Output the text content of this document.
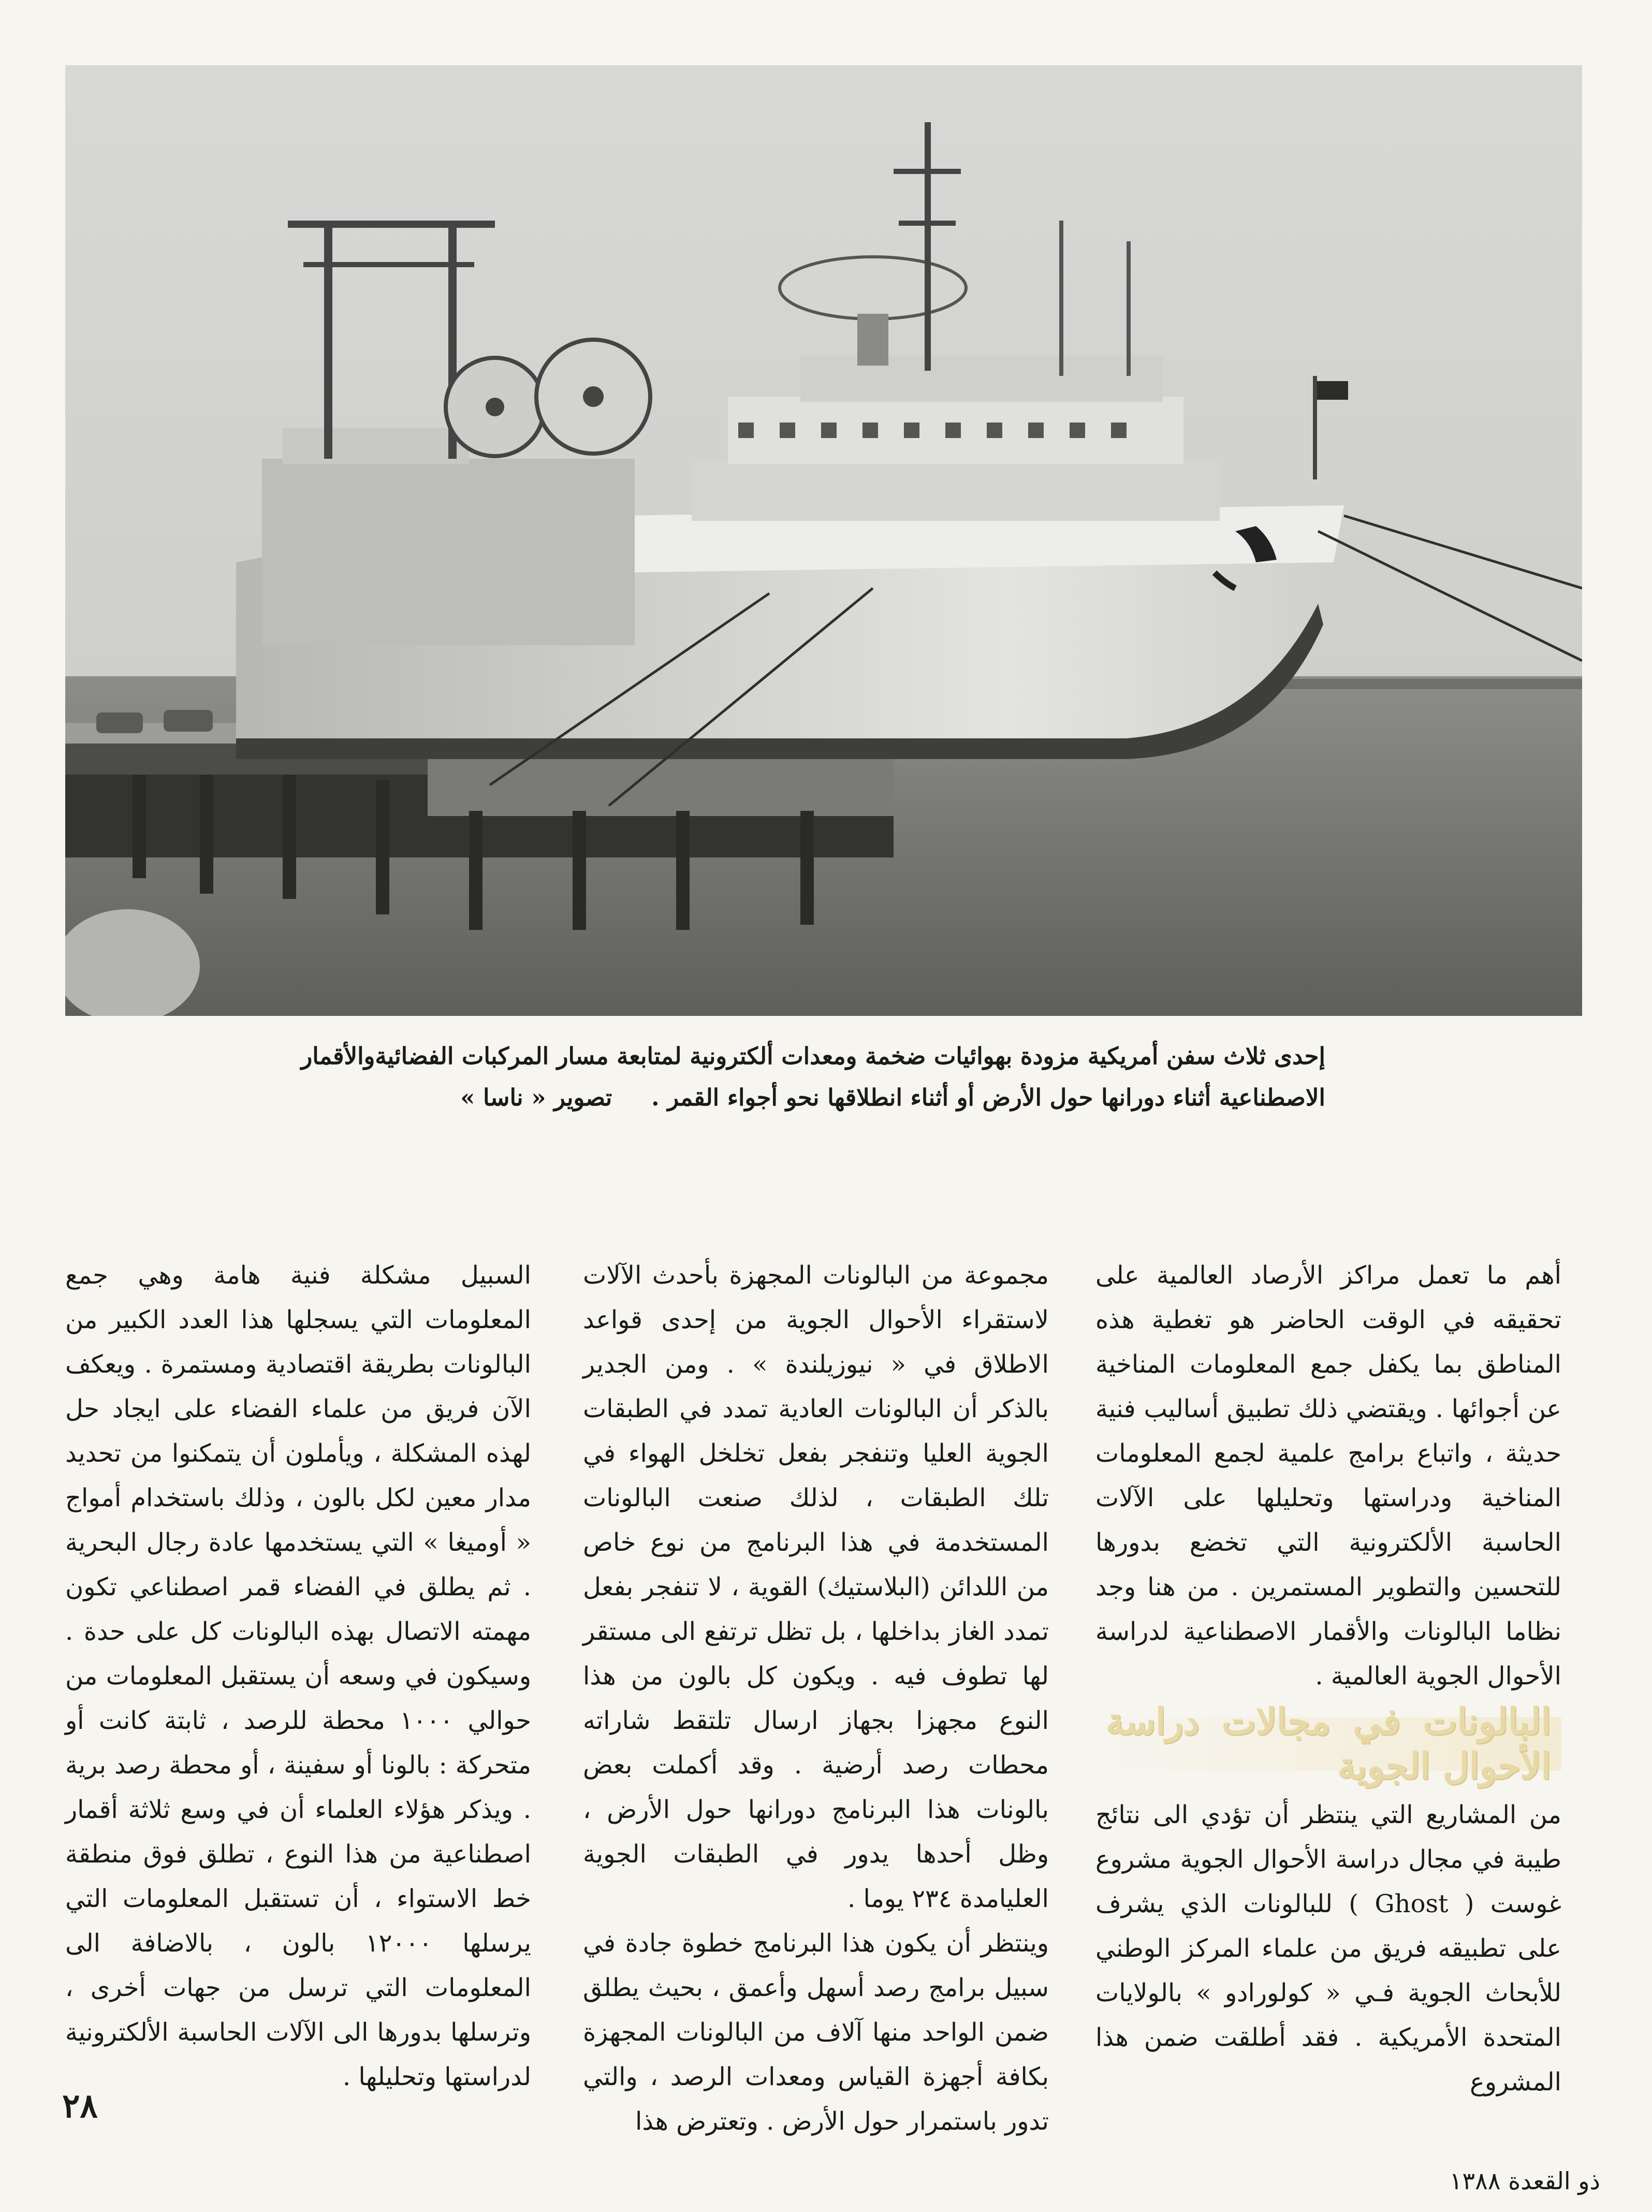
إحدى ثلاث سفن أمريكية مزودة بهوائيات ضخمة ومعدات ألكترونية لمتابعة مسار المركبات الفضائيةوالأقمار
الاصطناعية أثناء دورانها حول الأرض أو أثناء انطلاقها نحو أجواء القمر . تصوير « ناسا »

أهم ما تعمل مراكز الأرصاد العالمية على تحقيقه في الوقت الحاضر هو تغطية هذه المناطق بما يكفل جمع المعلومات المناخية عن أجوائها . ويقتضي ذلك تطبيق أساليب فنية حديثة ، واتباع برامج علمية لجمع المعلومات المناخية ودراستها وتحليلها على الآلات الحاسبة الألكترونية التي تخضع بدورها للتحسين والتطوير المستمرين . من هنا وجد نظاما البالونات والأقمار الاصطناعية لدراسة الأحوال الجوية العالمية .

البالونات في مجالات دراسة الأحوال الجوية

من المشاريع التي ينتظر أن تؤدي الى نتائج طيبة في مجال دراسة الأحوال الجوية مشروع غوست ( Ghost ) للبالونات الذي يشرف على تطبيقه فريق من علماء المركز الوطني للأبحاث الجوية فـي « كولورادو » بالولايات المتحدة الأمريكية . فقد أطلقت ضمن هذا المشروع

مجموعة من البالونات المجهزة بأحدث الآلات لاستقراء الأحوال الجوية من إحدى قواعد الاطلاق في « نيوزيلندة » . ومن الجدير بالذكر أن البالونات العادية تمدد في الطبقات الجوية العليا وتنفجر بفعل تخلخل الهواء في تلك الطبقات ، لذلك صنعت البالونات المستخدمة في هذا البرنامج من نوع خاص من اللدائن (البلاستيك) القوية ، لا تنفجر بفعل تمدد الغاز بداخلها ، بل تظل ترتفع الى مستقر لها تطوف فيه . ويكون كل بالون من هذا النوع مجهزا بجهاز ارسال تلتقط شاراته محطات رصد أرضية . وقد أكملت بعض بالونات هذا البرنامج دورانها حول الأرض ، وظل أحدها يدور في الطبقات الجوية العليامدة ٢٣٤ يوما .

وينتظر أن يكون هذا البرنامج خطوة جادة في سبيل برامج رصد أسهل وأعمق ، بحيث يطلق ضمن الواحد منها آلاف من البالونات المجهزة بكافة أجهزة القياس ومعدات الرصد ، والتي تدور باستمرار حول الأرض . وتعترض هذا

السبيل مشكلة فنية هامة وهي جمع المعلومات التي يسجلها هذا العدد الكبير من البالونات بطريقة اقتصادية ومستمرة . ويعكف الآن فريق من علماء الفضاء على ايجاد حل لهذه المشكلة ، ويأملون أن يتمكنوا من تحديد مدار معين لكل بالون ، وذلك باستخدام أمواج « أوميغا » التي يستخدمها عادة رجال البحرية . ثم يطلق في الفضاء قمر اصطناعي تكون مهمته الاتصال بهذه البالونات كل على حدة . وسيكون في وسعه أن يستقبل المعلومات من حوالي ١٠٠٠ محطة للرصد ، ثابتة كانت أو متحركة : بالونا أو سفينة ، أو محطة رصد برية . ويذكر هؤلاء العلماء أن في وسع ثلاثة أقمار اصطناعية من هذا النوع ، تطلق فوق منطقة خط الاستواء ، أن تستقبل المعلومات التي يرسلها ١٢٠٠٠ بالون ، بالاضافة الى المعلومات التي ترسل من جهات أخرى ، وترسلها بدورها الى الآلات الحاسبة الألكترونية لدراستها وتحليلها .

٢٨
ذو القعدة ١٣٨٨
